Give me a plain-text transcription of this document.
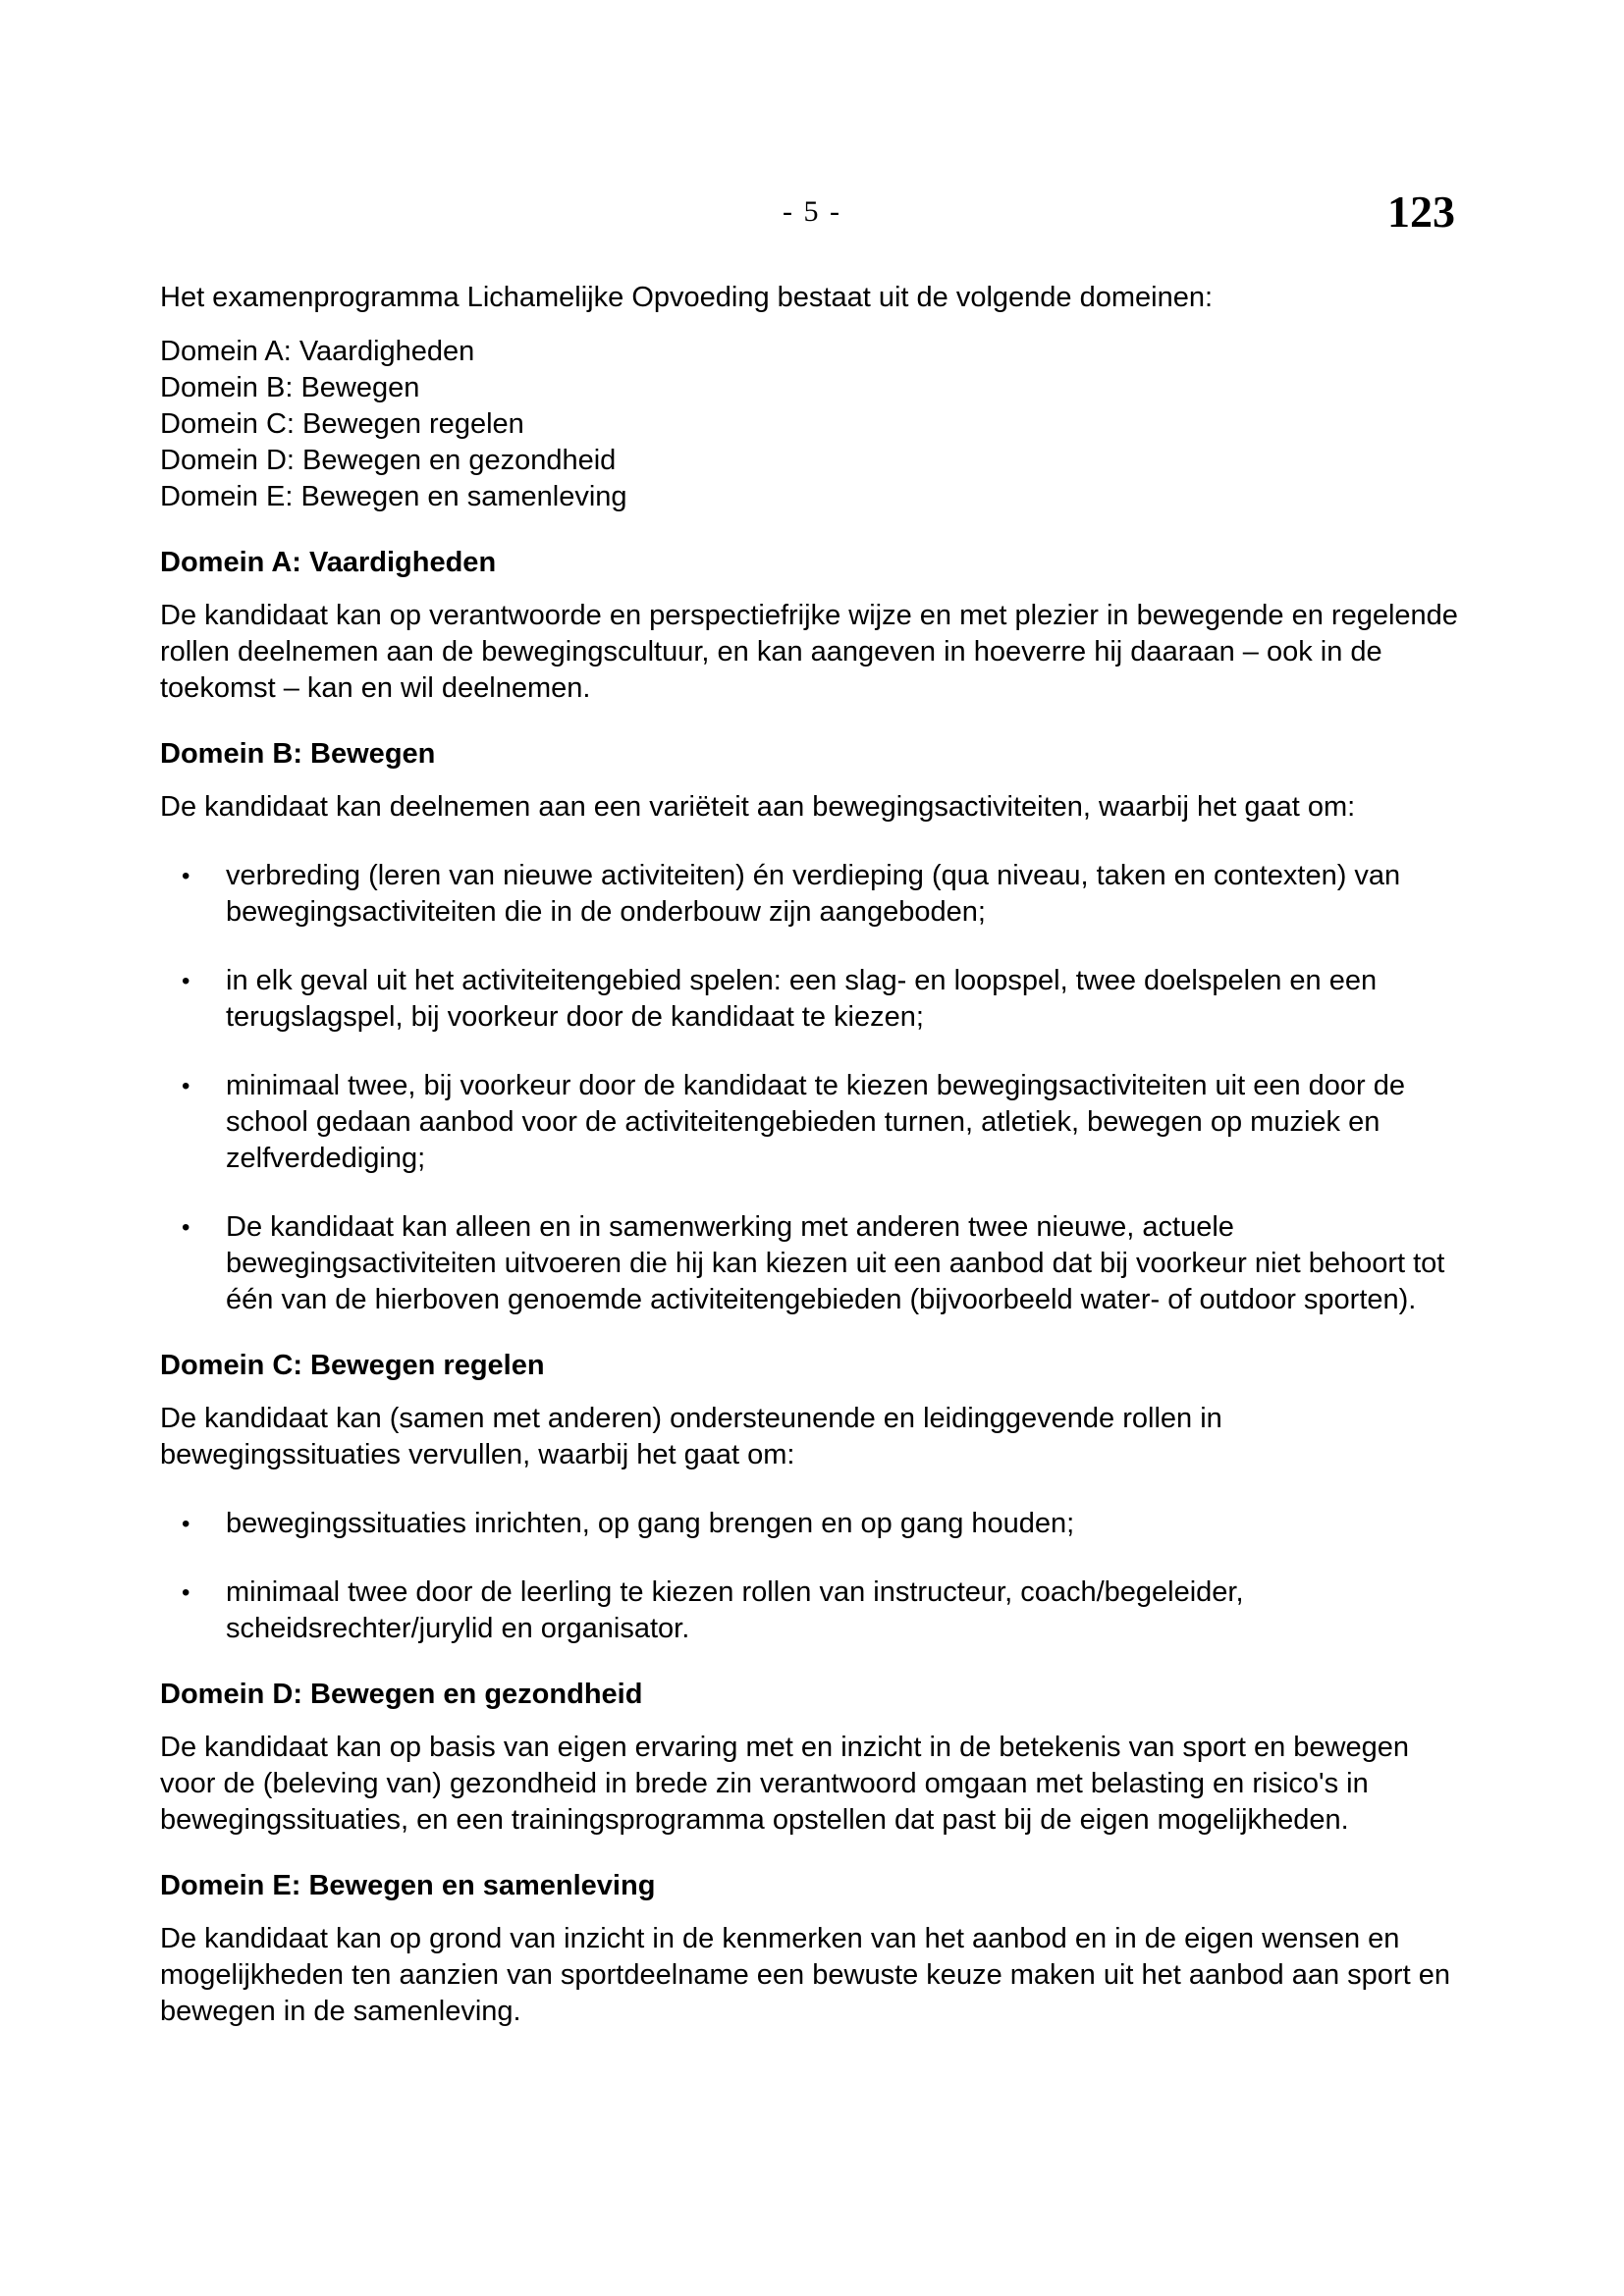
- 5 -	123

Het examenprogramma Lichamelijke Opvoeding bestaat uit de volgende domeinen:

Domein A: Vaardigheden
Domein B: Bewegen
Domein C: Bewegen regelen
Domein D: Bewegen en gezondheid
Domein E: Bewegen en samenleving
Domein A: Vaardigheden

De kandidaat kan op verantwoorde en perspectiefrijke wijze en met plezier in bewegende en regelende rollen deelnemen aan de bewegingscultuur, en kan aangeven in hoeverre hij daaraan – ook in de toekomst – kan en wil deelnemen.

Domein B: Bewegen

De kandidaat kan deelnemen aan een variëteit aan bewegingsactiviteiten, waarbij het gaat om:

•	verbreding (leren van nieuwe activiteiten) én verdieping (qua niveau, taken en contexten) van bewegingsactiviteiten die in de onderbouw zijn aangeboden;
•	in elk geval uit het activiteitengebied spelen: een slag- en loopspel, twee doelspelen en een terugslagspel, bij voorkeur door de kandidaat te kiezen;
•	minimaal twee, bij voorkeur door de kandidaat te kiezen bewegingsactiviteiten uit een door de school gedaan aanbod voor de activiteitengebieden turnen, atletiek, bewegen op muziek en zelfverdediging;
•	De kandidaat kan alleen en in samenwerking met anderen twee nieuwe, actuele bewegingsactiviteiten uitvoeren die hij kan kiezen uit een aanbod dat bij voorkeur niet behoort tot één van de hierboven genoemde activiteitengebieden (bijvoorbeeld water- of outdoor sporten).
Domein C: Bewegen regelen

De kandidaat kan (samen met anderen) ondersteunende en leidinggevende rollen in bewegingssituaties vervullen, waarbij het gaat om:

•	bewegingssituaties inrichten, op gang brengen en op gang houden;
•	minimaal twee door de leerling te kiezen rollen van instructeur, coach/begeleider, scheidsrechter/jurylid en organisator.
Domein D: Bewegen en gezondheid

De kandidaat kan op basis van eigen ervaring met en inzicht in de betekenis van sport en bewegen voor de (beleving van) gezondheid in brede zin verantwoord omgaan met belasting en risico's in bewegingssituaties, en een trainingsprogramma opstellen dat past bij de eigen mogelijkheden.

Domein E: Bewegen en samenleving

De kandidaat kan op grond van inzicht in de kenmerken van het aanbod en in de eigen wensen en mogelijkheden ten aanzien van sportdeelname een bewuste keuze maken uit het aanbod aan sport en bewegen in de samenleving.
